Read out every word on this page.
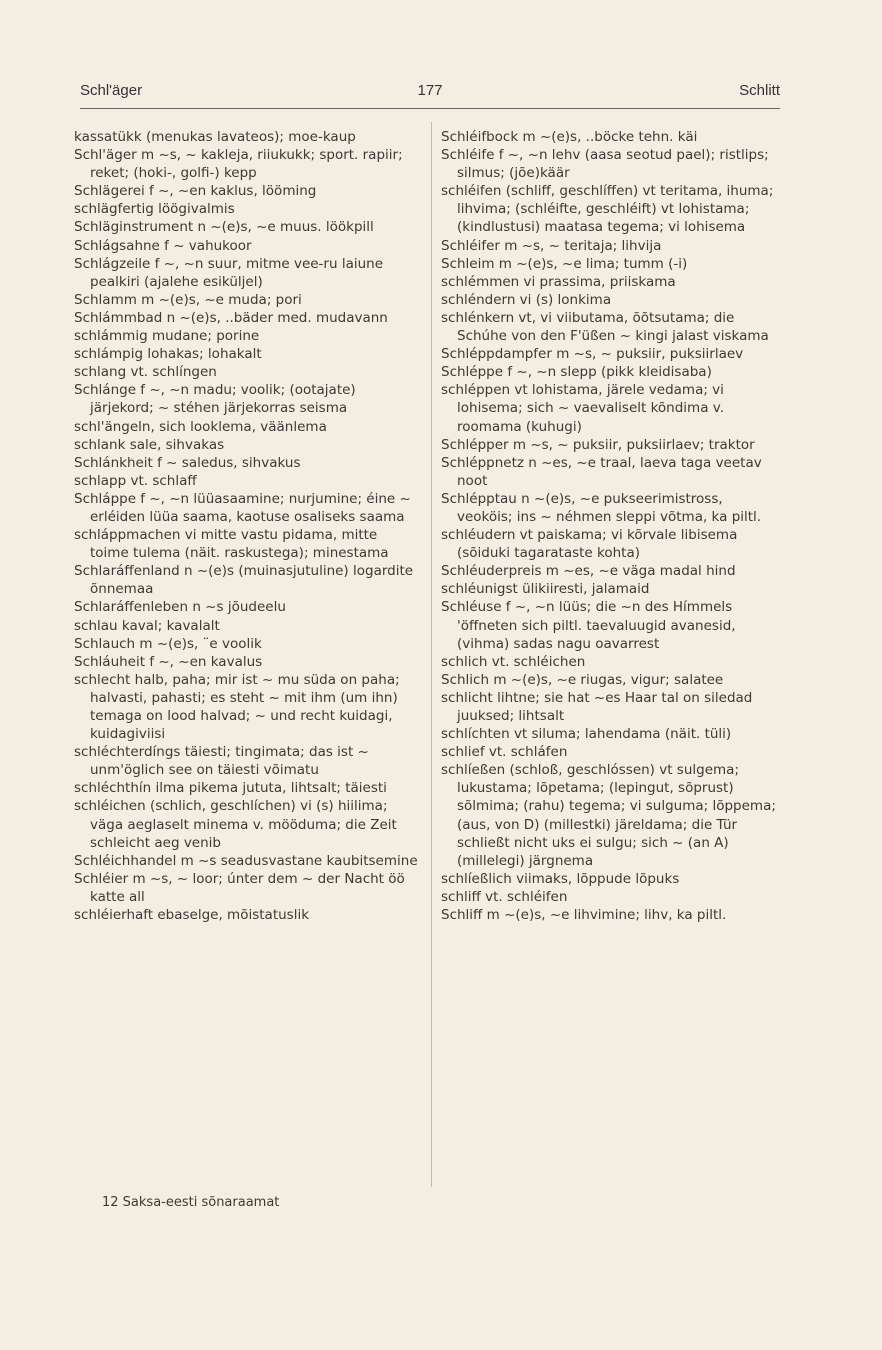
Schl'äger	177	Schlitt

kassatükk (menukas lavateos); moe-kaup

Schl'äger m ~s, ~ kakleja, riiukukk; sport. rapiir; reket; (hoki-, golfi-) kepp

Schlägerei f ~, ~en kaklus, lööming

schlägfertig löögivalmis

Schläginstrument n ~(e)s, ~e muus. löökpill

Schlágsahne f ~ vahukoor

Schlágzeile f ~, ~n suur, mitme vee-ru laiune pealkiri (ajalehe esiküljel)

Schlamm m ~(e)s, ~e muda; pori

Schlámmbad n ~(e)s, ..bäder med. mudavann

schlámmig mudane; porine

schlámpig lohakas; lohakalt

schlang vt. schlíngen

Schlánge f ~, ~n madu; voolik; (ootajate) järjekord; ~ stéhen järjekorras seisma

schl'ängeln, sich looklema, väänlema

schlank sale, sihvakas

Schlánkheit f ~ saledus, sihvakus

schlapp vt. schlaff

Schláppe f ~, ~n lüüasaamine; nurjumine; éine ~ erléiden lüüa saama, kaotuse osaliseks saama

schláppmachen vi mitte vastu pidama, mitte toime tulema (näit. raskustega); minestama

Schlaráffenland n ~(e)s (muinasjutuline) logardite õnnemaa

Schlaráffenleben n ~s jõudeelu

schlau kaval; kavalalt

Schlauch m ~(e)s, ¨e voolik

Schláuheit f ~, ~en kavalus

schlecht halb, paha; mir ist ~ mu süda on paha; halvasti, pahasti; es steht ~ mit ihm (um ihn) temaga on lood halvad; ~ und recht kuidagi, kuidagiviisi

schléchterdíngs täiesti; tingimata; das ist ~ unm'öglich see on täiesti võimatu

schléchthín ilma pikema jututa, lihtsalt; täiesti

schléichen (schlich, geschlíchen) vi (s) hiilima; väga aeglaselt minema v. mööduma; die Zeit schleicht aeg venib

Schléichhandel m ~s seadusvastane kaubitsemine

Schléier m ~s, ~ loor; únter dem ~ der Nacht öö katte all

schléierhaft ebaselge, mõistatuslik

Schléifbock m ~(e)s, ..böcke tehn. käi

Schléife f ~, ~n lehv (aasa seotud pael); ristlips; silmus; (jõe)käär

schléifen (schliff, geschlíffen) vt teritama, ihuma; lihvima; (schléifte, geschléift) vt lohistama; (kindlustusi) maatasa tegema; vi lohisema

Schléifer m ~s, ~ teritaja; lihvija

Schleim m ~(e)s, ~e lima; tumm (-i)

schlémmen vi prassima, priiskama

schléndern vi (s) lonkima

schlénkern vt, vi viibutama, õõtsutama; die Schúhe von den F'üßen ~ kingi jalast viskama

Schléppdampfer m ~s, ~ puksiir, puksiirlaev

Schléppe f ~, ~n slepp (pikk kleidisaba)

schléppen vt lohistama, järele vedama; vi lohisema; sich ~ vaevaliselt kõndima v. roomama (kuhugi)

Schlépper m ~s, ~ puksiir, puksiirlaev; traktor

Schléppnetz n ~es, ~e traal, laeva taga veetav noot

Schlépptau n ~(e)s, ~e pukseerimistross, veoköis; ins ~ néhmen sleppi võtma, ka piltl.

schléudern vt paiskama; vi kõrvale libisema (sõiduki tagarataste kohta)

Schléuderpreis m ~es, ~e väga madal hind

schléunigst ülikiiresti, jalamaid

Schléuse f ~, ~n lüüs; die ~n des Hímmels 'öffneten sich piltl. taevaluugid avanesid, (vihma) sadas nagu oavarrest

schlich vt. schléichen

Schlich m ~(e)s, ~e riugas, vigur; salatee

schlicht lihtne; sie hat ~es Haar tal on siledad juuksed; lihtsalt

schlíchten vt siluma; lahendama (näit. tüli)

schlief vt. schláfen

schlíeßen (schloß, geschlóssen) vt sulgema; lukustama; lõpetama; (lepingut, sõprust) sõlmima; (rahu) tegema; vi sulguma; lõppema; (aus, von D) (millestki) järeldama; die Tür schließt nicht uks ei sulgu; sich ~ (an A) (millelegi) järgnema

schlíeßlich viimaks, lõppude lõpuks

schliff vt. schléifen

Schliff m ~(e)s, ~e lihvimine; lihv, ka piltl.

12 Saksa-eesti sõnaraamat
